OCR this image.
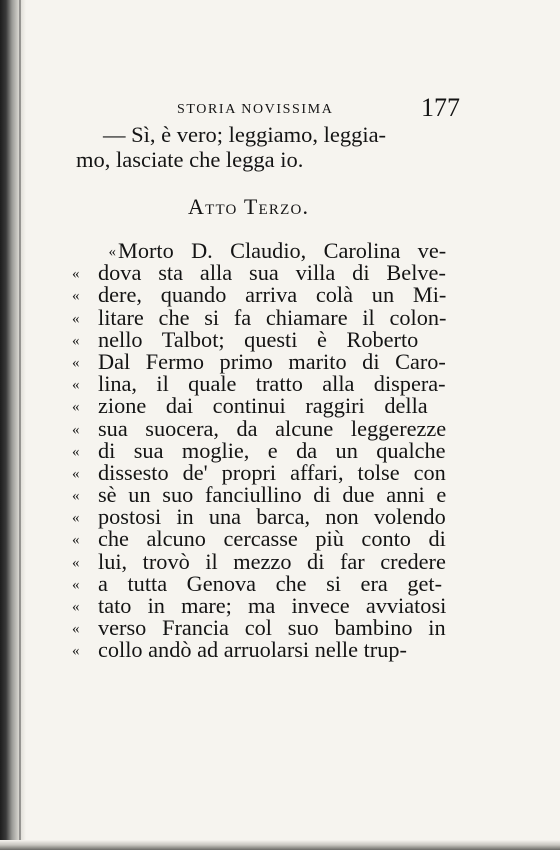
STORIA NOVISSIMA	177
— Sì, è vero; leggiamo, leggia-
mo, lasciate che legga io.
Atto Terzo.
«Morto D. Claudio, Carolina ve-
« dova sta alla sua villa di Belve-
« dere, quando arriva colà un Mi-
« litare che si fa chiamare il colon-
« nello Talbot; questi è Roberto
« Dal Fermo primo marito di Caro-
« lina, il quale tratto alla dispera-
« zione dai continui raggiri della
« sua suocera, da alcune leggerezze
« di sua moglie, e da un qualche
« dissesto de' propri affari, tolse con
« sè un suo fanciullino di due anni e
« postosi in una barca, non volendo
« che alcuno cercasse più conto di
« lui, trovò il mezzo di far credere
« a tutta Genova che si era get-
« tato in mare; ma invece avviatosi
« verso Francia col suo bambino in
« collo andò ad arruolarsi nelle trup-
